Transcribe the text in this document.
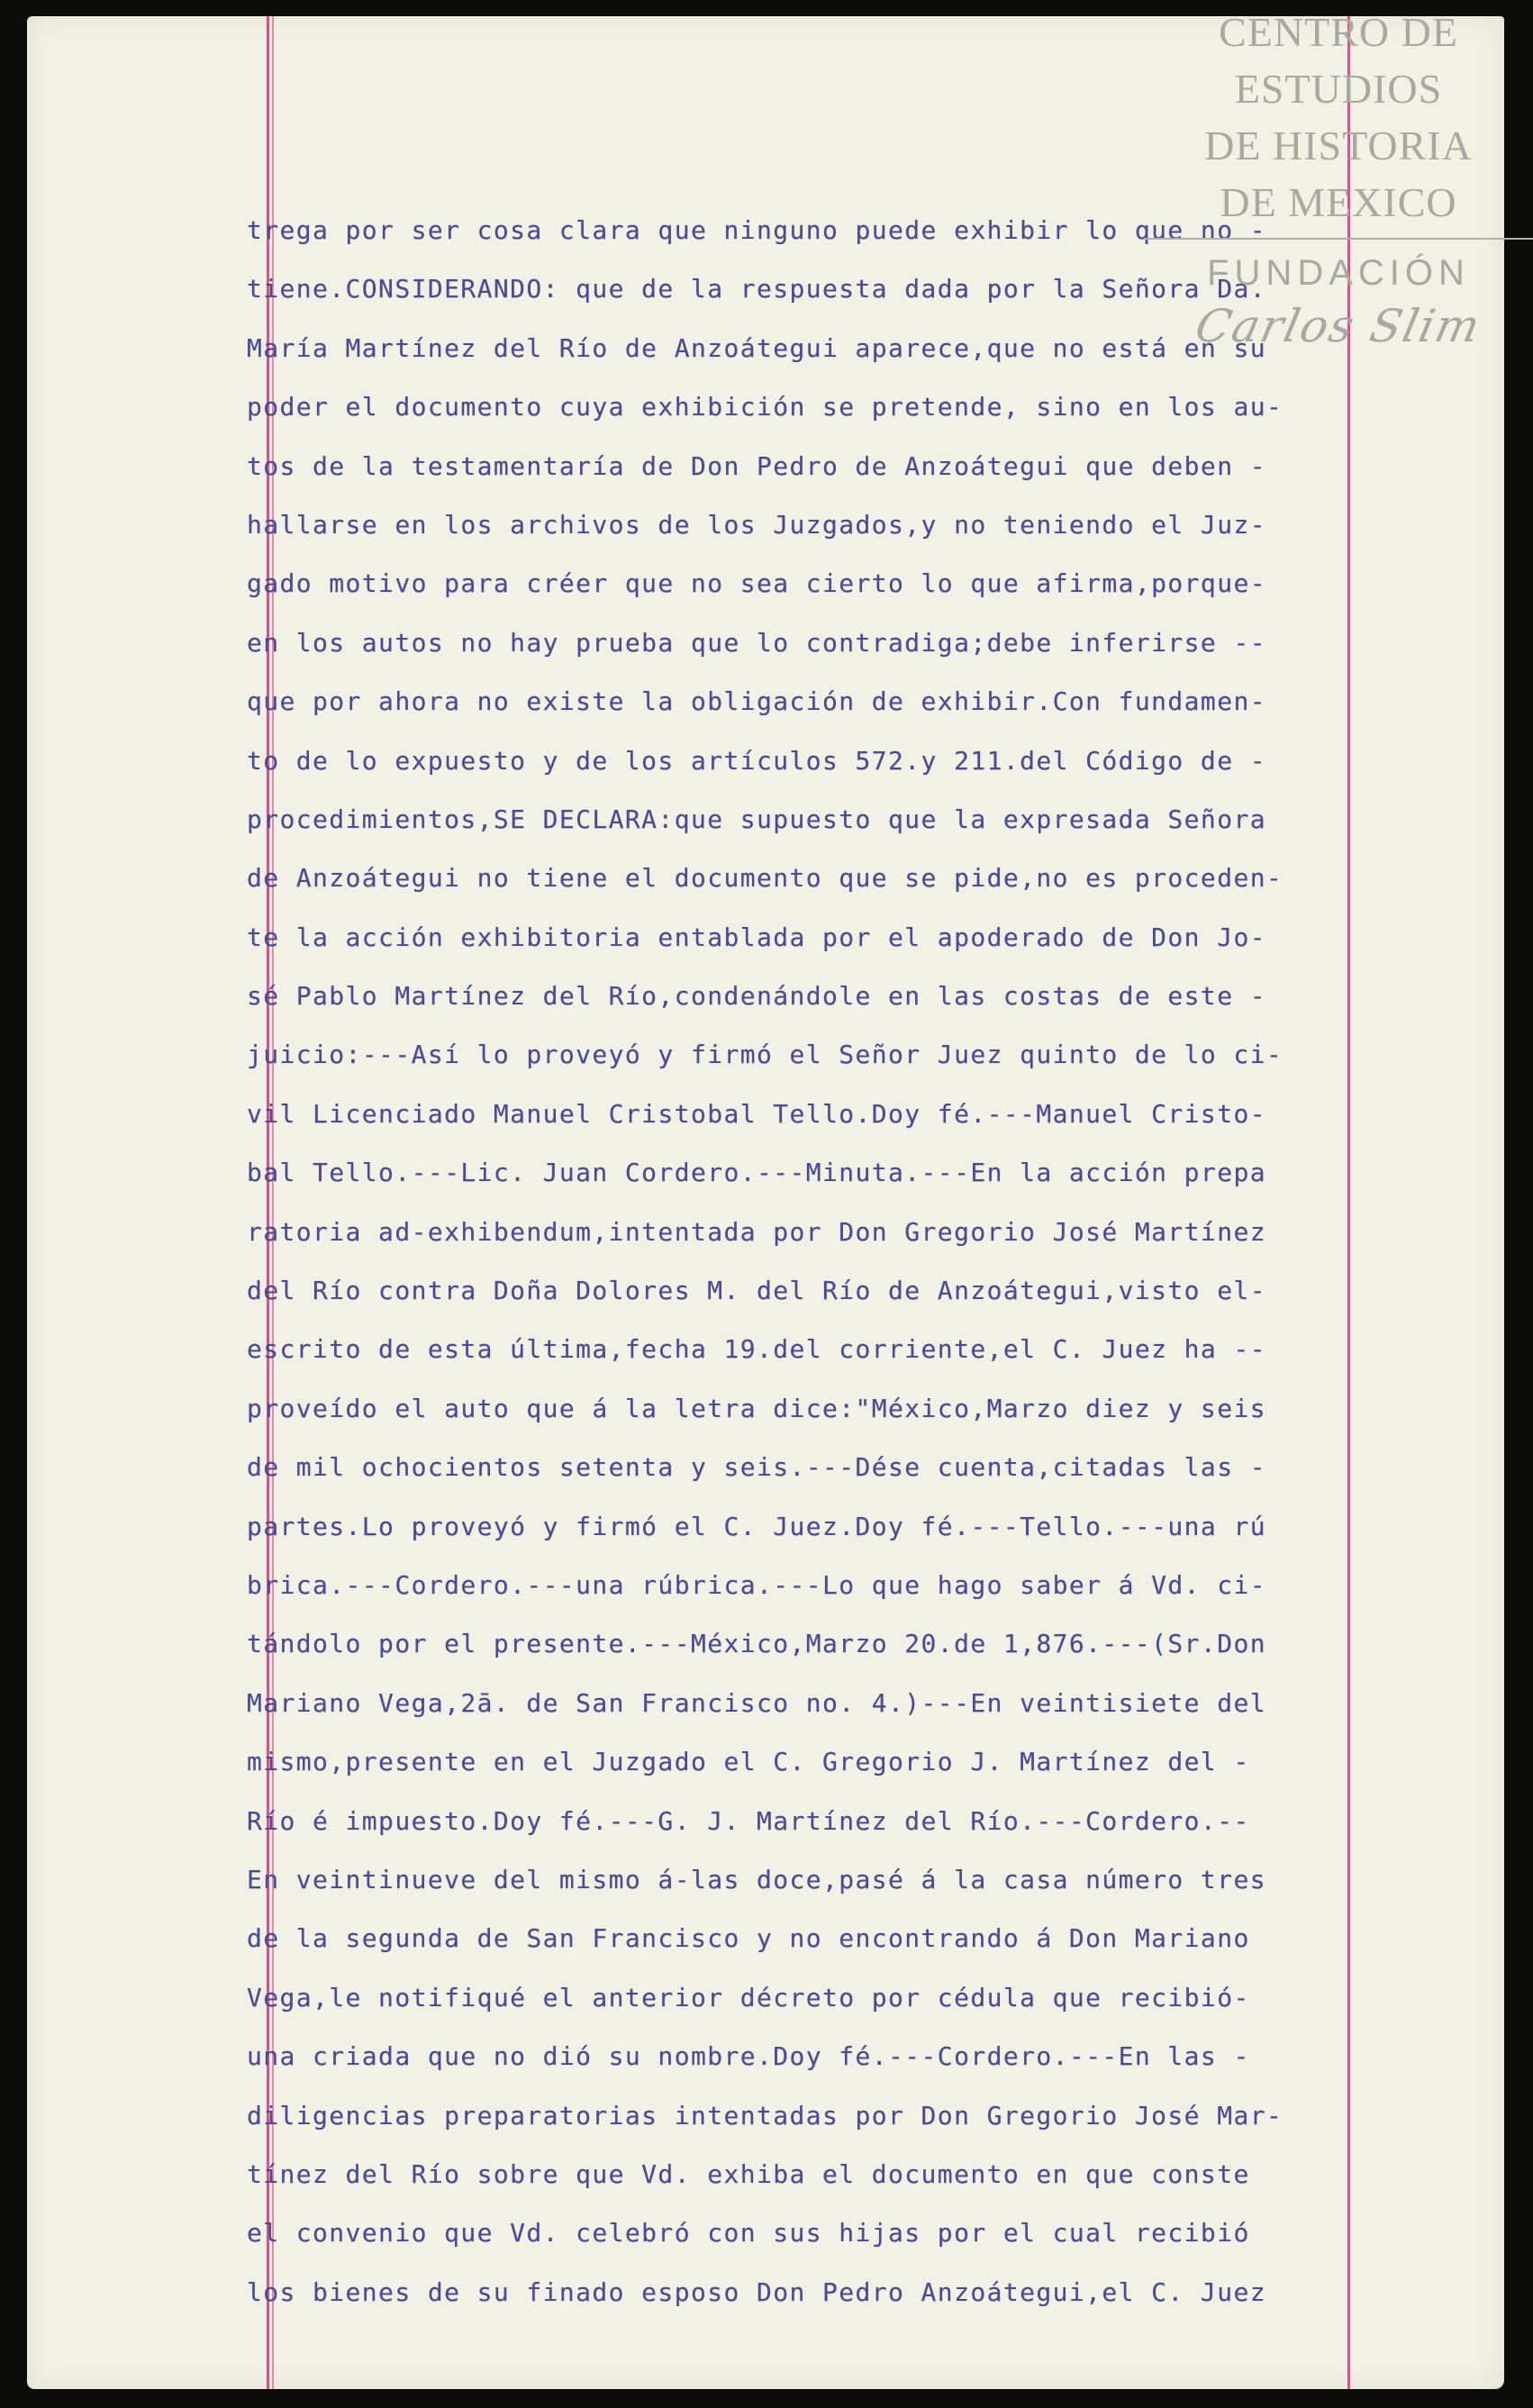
trega por ser cosa clara que ninguno puede exhibir lo que no -
tiene.CONSIDERANDO: que de la respuesta dada por la Señora Da.
María Martínez del Río de Anzoátegui aparece,que no está en su
poder el documento cuya exhibición se pretende, sino en los au-
tos de la testamentaría de Don Pedro de Anzoátegui que deben -
hallarse en los archivos de los Juzgados,y no teniendo el Juz-
gado motivo para créer que no sea cierto lo que afirma,porque-
en los autos no hay prueba que lo contradiga;debe inferirse --
que por ahora no existe la obligación de exhibir.Con fundamen-
to de lo expuesto y de los artículos 572.y 211.del Código de -
procedimientos,SE DECLARA:que supuesto que la expresada Señora
de Anzoátegui no tiene el documento que se pide,no es proceden-
te la acción exhibitoria entablada por el apoderado de Don Jo-
sé Pablo Martínez del Río,condenándole en las costas de este -
juicio:---Así lo proveyó y firmó el Señor Juez quinto de lo ci-
vil Licenciado Manuel Cristobal Tello.Doy fé.---Manuel Cristo-
bal Tello.---Lic. Juan Cordero.---Minuta.---En la acción prepa
ratoria ad-exhibendum,intentada por Don Gregorio José Martínez
del Río contra Doña Dolores M. del Río de Anzoátegui,visto el-
escrito de esta última,fecha 19.del corriente,el C. Juez ha --
proveído el auto que á la letra dice:"México,Marzo diez y seis
de mil ochocientos setenta y seis.---Dése cuenta,citadas las -
partes.Lo proveyó y firmó el C. Juez.Doy fé.---Tello.---una rú
brica.---Cordero.---una rúbrica.---Lo que hago saber á Vd. ci-
tándolo por el presente.---México,Marzo 20.de 1,876.---(Sr.Don
Mariano Vega,2ā. de San Francisco no. 4.)---En veintisiete del
mismo,presente en el Juzgado el C. Gregorio J. Martínez del -
Río é impuesto.Doy fé.---G. J. Martínez del Río.---Cordero.--
En veintinueve del mismo á-las doce,pasé á la casa número tres
de la segunda de San Francisco y no encontrando á Don Mariano
Vega,le notifiqué el anterior décreto por cédula que recibió-
una criada que no dió su nombre.Doy fé.---Cordero.---En las -
diligencias preparatorias intentadas por Don Gregorio José Mar-
tínez del Río sobre que Vd. exhiba el documento en que conste
el convenio que Vd. celebró con sus hijas por el cual recibió
los bienes de su finado esposo Don Pedro Anzoátegui,el C. Juez
CENTRO DE
ESTUDIOS
DE HISTORIA
DE MEXICO
FUNDACIÓN
Carlos Slim
